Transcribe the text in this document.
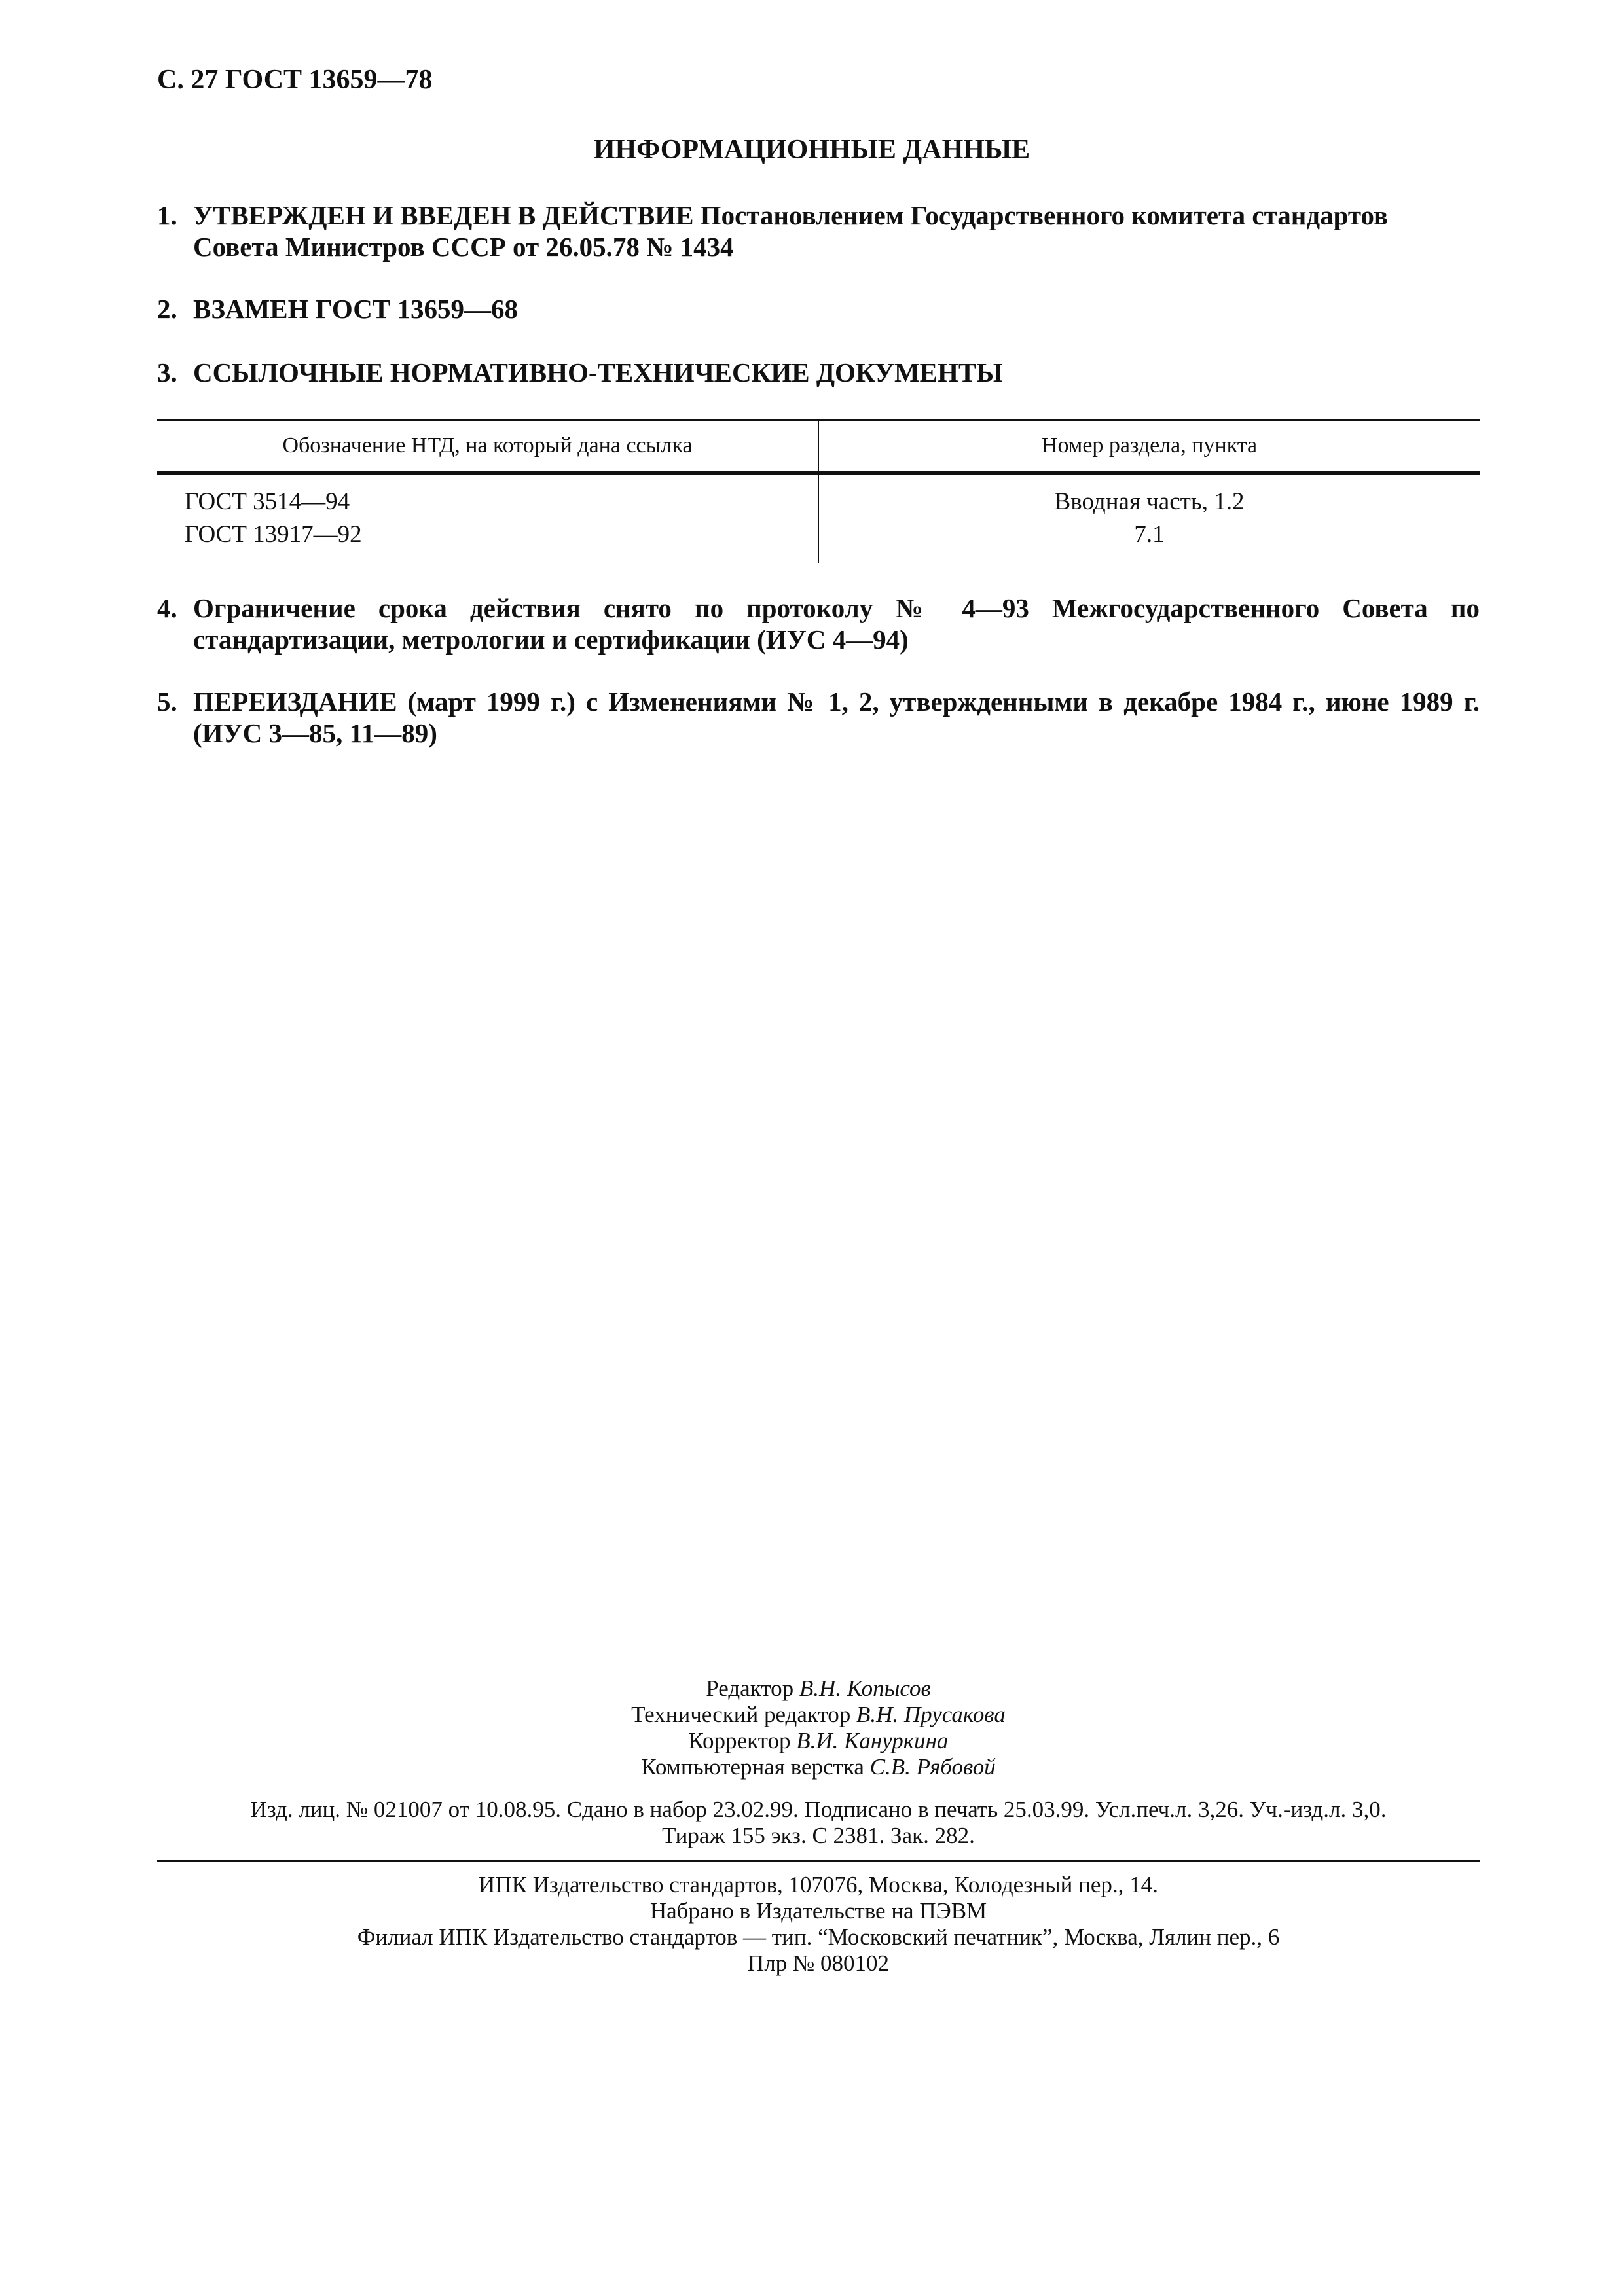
С. 27 ГОСТ 13659—78
ИНФОРМАЦИОННЫЕ ДАННЫЕ
1. УТВЕРЖДЕН И ВВЕДЕН В ДЕЙСТВИЕ Постановлением Государственного комитета стандартов
Совета Министров СССР от 26.05.78 № 1434
2. ВЗАМЕН ГОСТ 13659—68
3. ССЫЛОЧНЫЕ НОРМАТИВНО-ТЕХНИЧЕСКИЕ ДОКУМЕНТЫ
Обозначение НТД, на который дана ссылка	Номер раздела, пункта
ГОСТ 3514—94	Вводная часть, 1.2
ГОСТ 13917—92	7.1
4. Ограничение срока действия снято по протоколу № 4—93 Межгосударственного Совета по стандартизации, метрологии и сертификации (ИУС 4—94)
5. ПЕРЕИЗДАНИЕ (март 1999 г.) с Изменениями № 1, 2, утвержденными в декабре 1984 г., июне 1989 г. (ИУС 3—85, 11—89)
Редактор В.Н. Копысов
Технический редактор В.Н. Прусакова
Корректор В.И. Кануркина
Компьютерная верстка С.В. Рябовой
Изд. лиц. № 021007 от 10.08.95. Сдано в набор 23.02.99. Подписано в печать 25.03.99. Усл.печ.л. 3,26. Уч.-изд.л. 3,0.
Тираж 155 экз. С 2381. Зак. 282.
ИПК Издательство стандартов, 107076, Москва, Колодезный пер., 14.
Набрано в Издательстве на ПЭВМ
Филиал ИПК Издательство стандартов — тип. “Московский печатник”, Москва, Лялин пер., 6
Плр № 080102
